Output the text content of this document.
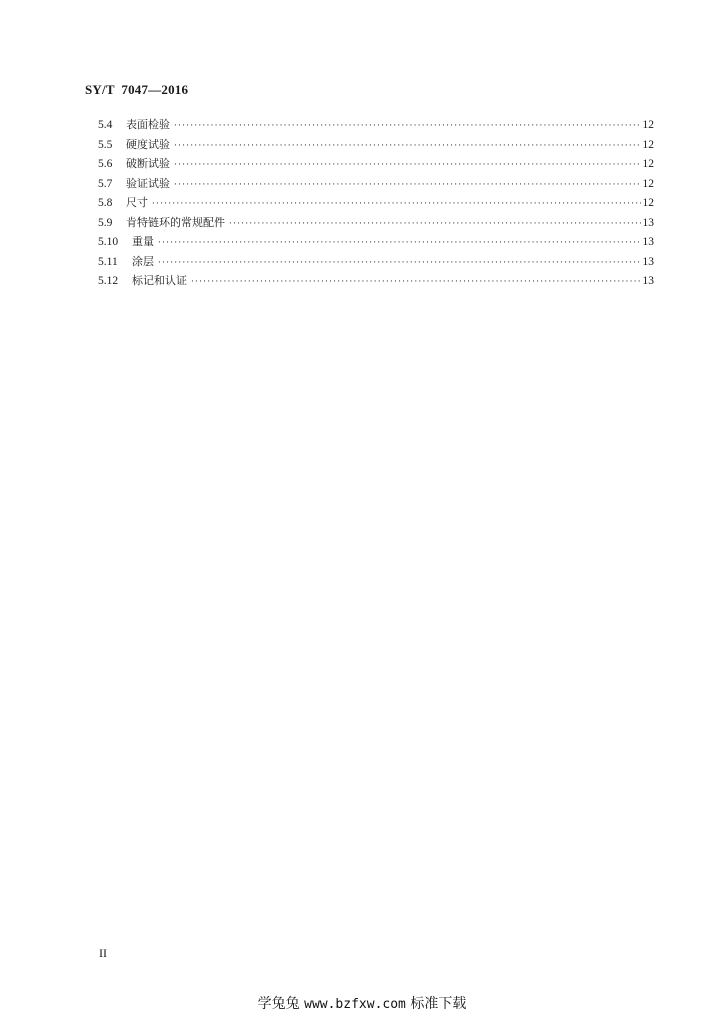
SY/T  7047—2016
5.4	表面检验 ·····	12
5.5	硬度试验 ·····	12
5.6	破断试验 ·····	12
5.7	验证试验 ·····	12
5.8	尺寸 ·····	12
5.9	肯特链环的常规配件 ·····	13
5.10	重量 ·····	13
5.11	涂层 ·····	13
5.12	标记和认证 ·····	13
II
学兔兔 www.bzfxw.com 标准下载
